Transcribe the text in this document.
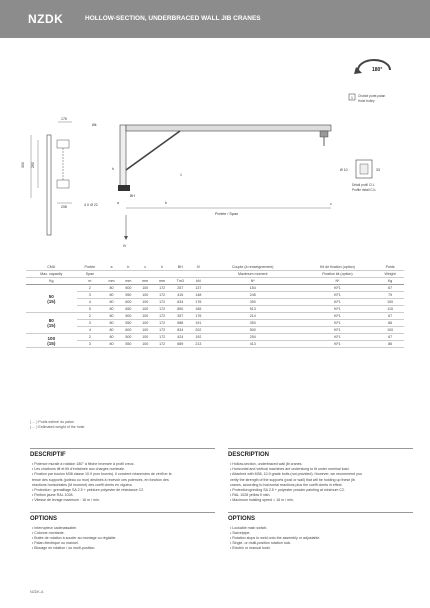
NZDK	HOLLOW-SECTION, UNDERBRACED WALL JIB CRANES
180°
1 Chariot porte-palan
Hoist trolley
175
Øk
300 260
208	4 X Ø 22
BH
a	b
h
c
Portée / Span
IV
1
33
Ø 10
Détail profil Cl-L
Profile detail Cl-L
CMU	Portée	a	b	c	h	BH	IV	Couple (à renseignement)	Kit de fixation (option)	Poids
Max. capacity	Span							Maximum moment	Fixation kit (option)	Weight
Kg	m	mm	mm	mm	mm	Tm3	kN	N*	N*	Kg
50
(15)	2	80	500	100	172	257	137	154	KF1	67
	3	80	550	100	172	415	148	245	KF1	79
	4	80	600	100	172	634	176	390	KF1	100
	5	80	650	100	172	850	185	513	KF1	115
80
(15)	2	80	500	100	172	357	176	214	KF1	67
	3	80	550	100	172	588	191	353	KF1	86
	4	80	600	100	172	834	202	500	KF1	100
100
(15)	2	80	500	100	172	424	192	254	KF1	67
	3	80	550	100	172	689	213	413	KF1	86
( ... ) Poids estimé du palan
( ... ) Estimated weight of the hoist
DESCRIPTIF
• Potence murale à rotation 180° à flèche inversée à profil creux.
• Les charbons tilt et tilt d'entraînée aux charges nominale.
• Fixation par boulon M36 classe 10.9 (non fournis). Il convient néanmoins de vérifi er la
tenue des supports (poteau ou mur) destinés à recevoir ces potences, en fonction des
réactions horizontales (M moment) des coeffi cients en vigueur.
• Protection : grenaillage SA 2.5 + peinture polyester de résistance C2.
• Finition jaune RAL 1028.
• Vitesse de levage maximum : 16 m / min.
OPTIONS
• Interrupteur cadenassable.
• Colonne montante.
• Butée de rotation à souder au montage ou réglable.
• Palan électrique ou manuel.
• Blocage en rotation / ou multi-position.
DESCRIPTION
• Hollow-section, underbraced wall jib cranes.
• Horizontal and vertical machines are underslung to fit under nominal load.
• Attached with M36, 10.9 grade bolts (not provided). However, we recommend you
verify the strength of the supports (post or wall) that will be holding up these jib
cranes, according to horizontal reactions plus the coeffi cients in effect.
• Protection:grinding SA 2.5 + polyester powder painting at minimum C2.
• RAL 1028 yellow fi nish.
• Maximum hoisting speed = 16 m / min.
OPTIONS
• Lockable main switch.
• Swivelpipe.
• Rotation stops to weld onto the assembly or adjustable.
• Single- or multi-position rotation lock.
• Electric or manual hoist.
NZDK-A
